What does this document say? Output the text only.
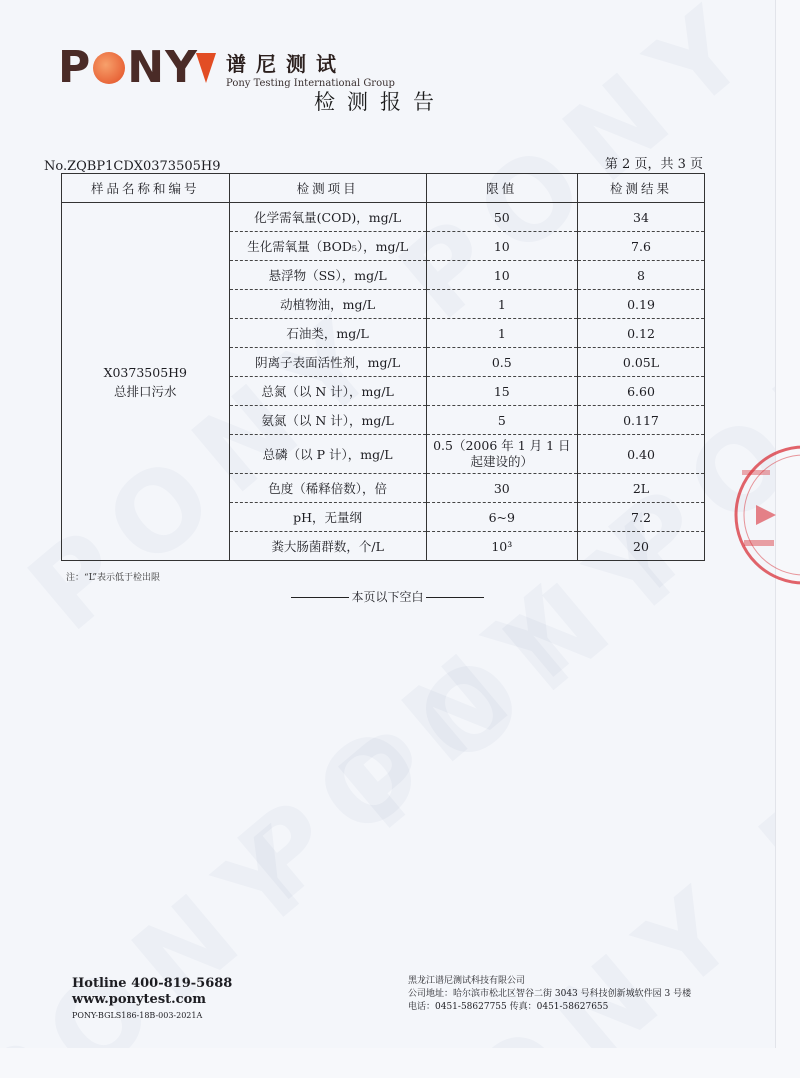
P NY 谱尼测试
Pony Testing International Group
检测报告
No.ZQBP1CDX0373505H9	第 2 页，共 3 页
样品名称和编号	检测项目	限值	检测结果

X0373505H9
总排口污水	化学需氧量(COD)，mg/L	50	34
	生化需氧量（BOD₅），mg/L	10	7.6
	悬浮物（SS），mg/L	10	8
	动植物油，mg/L	1	0.19
	石油类，mg/L	1	0.12
	阴离子表面活性剂，mg/L	0.5	0.05L
	总氮（以 N 计），mg/L	15	6.60
	氨氮（以 N 计），mg/L	5	0.117
	总磷（以 P 计），mg/L	0.5（2006 年 1 月 1 日起建设的）	0.40
	色度（稀释倍数），倍	30	2L
	pH，无量纲	6~9	7.2
	粪大肠菌群数，个/L	10³	20
注：“L”表示低于检出限
本页以下空白
Hotline 400-819-5688
www.ponytest.com
PONY-BGLS186-18B-003-2021A
黑龙江谱尼测试科技有限公司
公司地址：哈尔滨市松北区智谷二街 3043 号科技创新城软件园 3 号楼
电话：0451-58627755 传真：0451-58627655
